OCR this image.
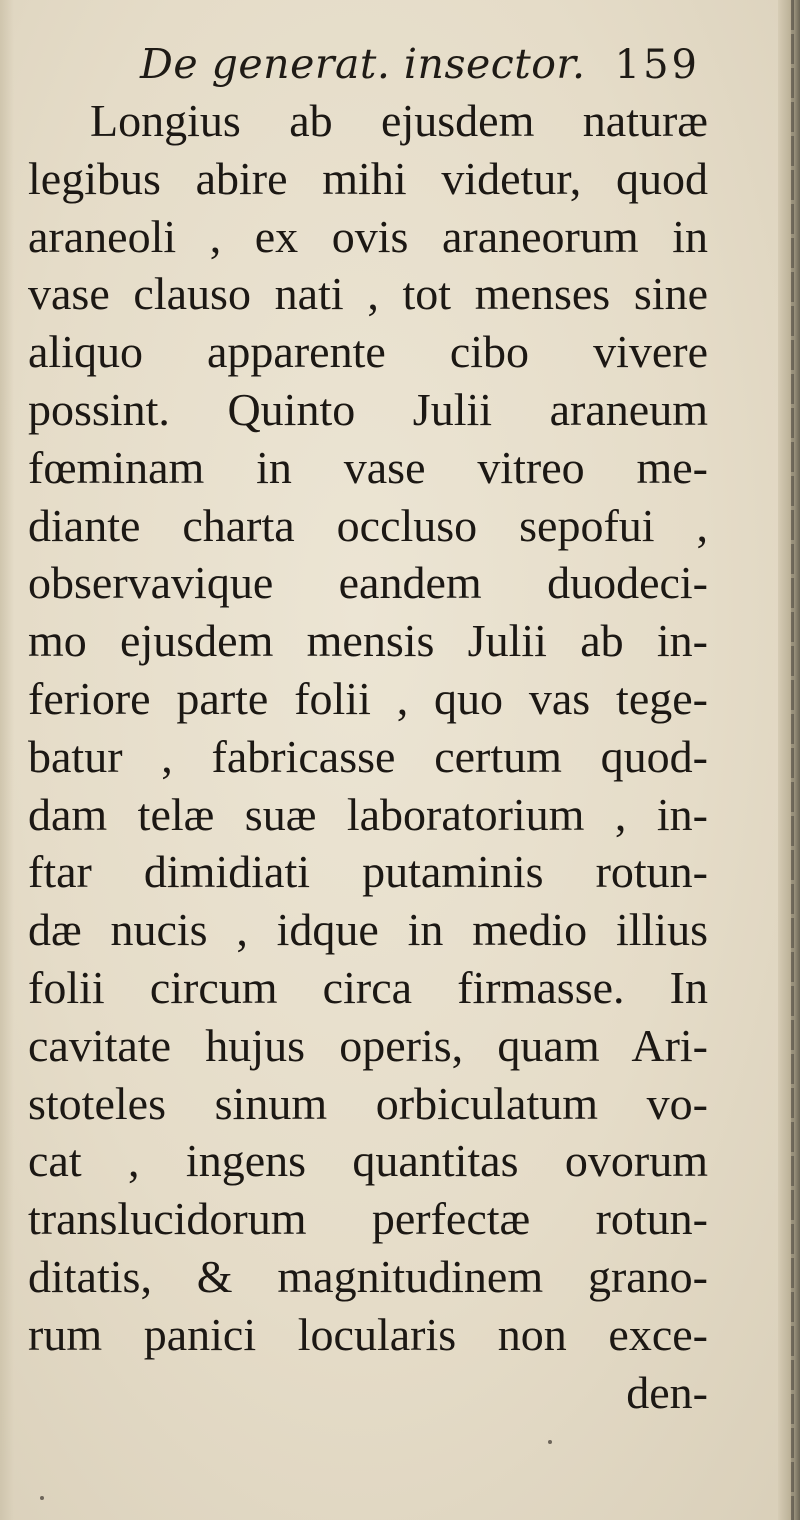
De generat. insector. 159
Longius ab ejusdem naturæ
legibus abire mihi videtur, quod
araneoli , ex ovis araneorum in
vase clauso nati , tot menses sine
aliquo apparente cibo vivere
possint. Quinto Julii araneum
fœminam in vase vitreo me-
diante charta occluso sepofui ,
observavique eandem duodeci-
mo ejusdem mensis Julii ab in-
feriore parte folii , quo vas tege-
batur , fabricasse certum quod-
dam telæ suæ laboratorium , in-
ftar dimidiati putaminis rotun-
dæ nucis , idque in medio illius
folii circum circa firmasse. In
cavitate hujus operis, quam Ari-
stoteles sinum orbiculatum vo-
cat , ingens quantitas ovorum
translucidorum perfectæ rotun-
ditatis, & magnitudinem grano-
rum panici locularis non exce-
den-
